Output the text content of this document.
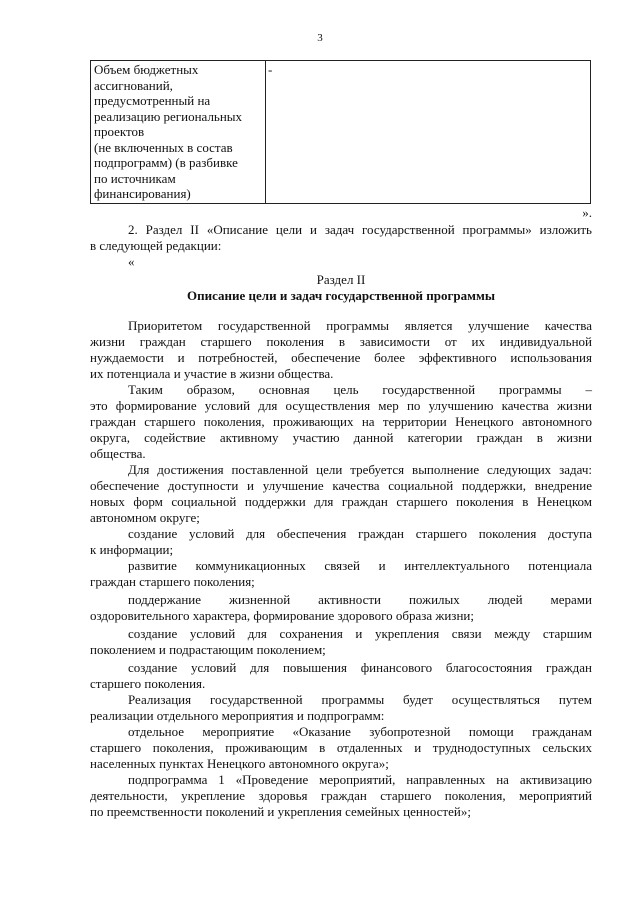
3
Объем бюджетных
ассигнований,
предусмотренный на
реализацию региональных
проектов
(не включенных в состав
подпрограмм) (в разбивке
по источникам
финансирования)
	-
».
2. Раздел II «Описание цели и задач государственной программы» изложить
в следующей редакции:
«
Раздел II
Описание цели и задач государственной программы
Приоритетом государственной программы является улучшение качества
жизни граждан старшего поколения в зависимости от их индивидуальной
нуждаемости и потребностей, обеспечение более эффективного использования
их потенциала и участие в жизни общества.
Таким образом, основная цель государственной программы –
это формирование условий для осуществления мер по улучшению качества жизни
граждан старшего поколения, проживающих на территории Ненецкого автономного
округа, содействие активному участию данной категории граждан в жизни
общества.
Для достижения поставленной цели требуется выполнение следующих задач:
обеспечение доступности и улучшение качества социальной поддержки, внедрение
новых форм социальной поддержки для граждан старшего поколения в Ненецком
автономном округе;
создание условий для обеспечения граждан старшего поколения доступа
к информации;
развитие коммуникационных связей и интеллектуального потенциала
граждан старшего поколения;
поддержание жизненной активности пожилых людей мерами
оздоровительного характера, формирование здорового образа жизни;
создание условий для сохранения и укрепления связи между старшим
поколением и подрастающим поколением;
создание условий для повышения финансового благосостояния граждан
старшего поколения.
Реализация государственной программы будет осуществляться путем
реализации отдельного мероприятия и подпрограмм:
отдельное мероприятие «Оказание зубопротезной помощи гражданам
старшего поколения, проживающим в отдаленных и труднодоступных сельских
населенных пунктах Ненецкого автономного округа»;
подпрограмма 1 «Проведение мероприятий, направленных на активизацию
деятельности, укрепление здоровья граждан старшего поколения, мероприятий
по преемственности поколений и укрепления семейных ценностей»;
